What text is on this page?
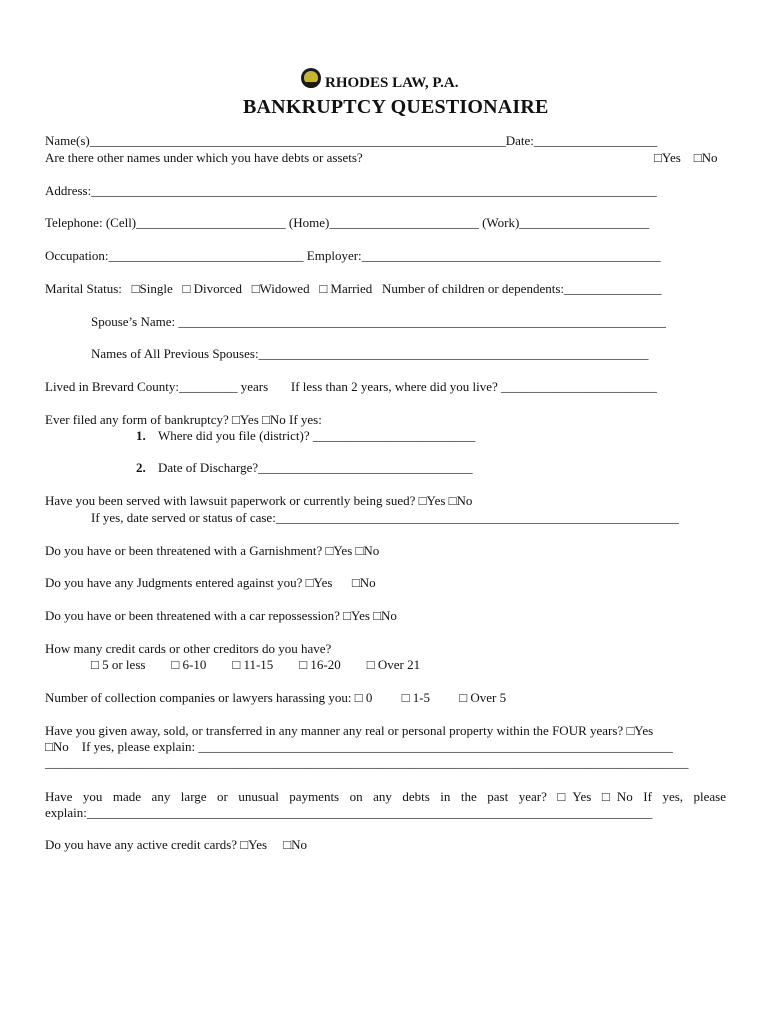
RHODES LAW, P.A.
BANKRUPTCY QUESTIONAIRE
Name(s)________________________________________________________________Date:___________________
Are there other names under which you have debts or assets?	□Yes    □No
Address:_______________________________________________________________________________________
Telephone: (Cell)_______________________ (Home)_______________________ (Work)____________________
Occupation:______________________________ Employer:______________________________________________
Marital Status:   □Single   □ Divorced   □Widowed   □ Married   Number of children or dependents:_______________
Spouse’s Name: ___________________________________________________________________________
Names of All Previous Spouses:____________________________________________________________
Lived in Brevard County:_________ years       If less than 2 years, where did you live? ________________________
Ever filed any form of bankruptcy? □Yes □No If yes:
1. Where did you file (district)? _________________________
2. Date of Discharge?_________________________________
Have you been served with lawsuit paperwork or currently being sued? □Yes □No
If yes, date served or status of case:______________________________________________________________
Do you have or been threatened with a Garnishment? □Yes □No
Do you have any Judgments entered against you? □Yes      □No
Do you have or been threatened with a car repossession? □Yes □No
How many credit cards or other creditors do you have?
□ 5 or less        □ 6-10        □ 11-15        □ 16-20        □ Over 21
Number of collection companies or lawyers harassing you: □ 0         □ 1-5         □ Over 5
Have you given away, sold, or transferred in any manner any real or personal property within the FOUR years? □Yes
□No    If yes, please explain: _________________________________________________________________________
___________________________________________________________________________________________________
Have you made any large or unusual payments on any debts in the past year? □Yes □No If yes, please
explain:_______________________________________________________________________________________
Do you have any active credit cards? □Yes     □No
